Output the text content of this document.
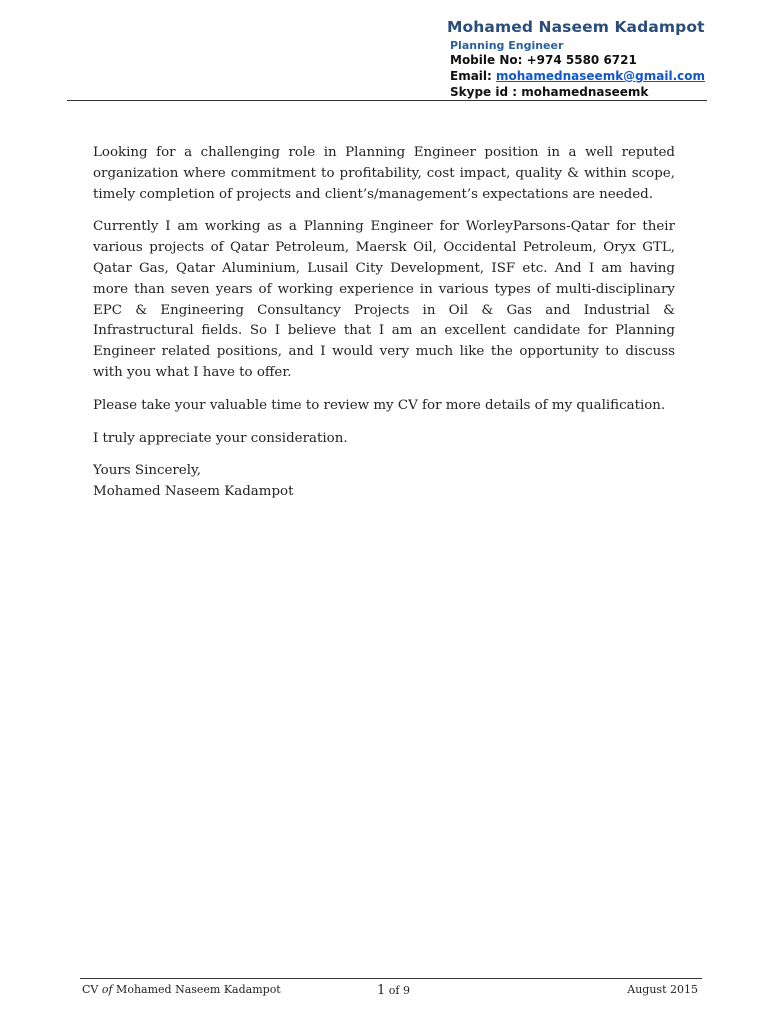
Mohamed Naseem Kadampot
Planning Engineer
Mobile No: +974 5580 6721
Email: mohamednaseemk@gmail.com
Skype id : mohamednaseemk

Looking for a challenging role in Planning Engineer position in a well reputed organization where commitment to profitability, cost impact, quality & within scope, timely completion of projects and client’s/management’s expectations are needed.

Currently I am working as a Planning Engineer for WorleyParsons-Qatar for their various projects of Qatar Petroleum, Maersk Oil, Occidental Petroleum, Oryx GTL, Qatar Gas, Qatar Aluminium, Lusail City Development, ISF etc. And I am having more than seven years of working experience in various types of multi-disciplinary EPC & Engineering Consultancy Projects in Oil & Gas and Industrial & Infrastructural fields. So I believe that I am an excellent candidate for Planning Engineer related positions, and I would very much like the opportunity to discuss with you what I have to offer.

Please take your valuable time to review my CV for more details of my qualification.

I truly appreciate your consideration.

Yours Sincerely,
Mohamed Naseem Kadampot
CV of Mohamed Naseem Kadampot	1 of 9	August 2015
